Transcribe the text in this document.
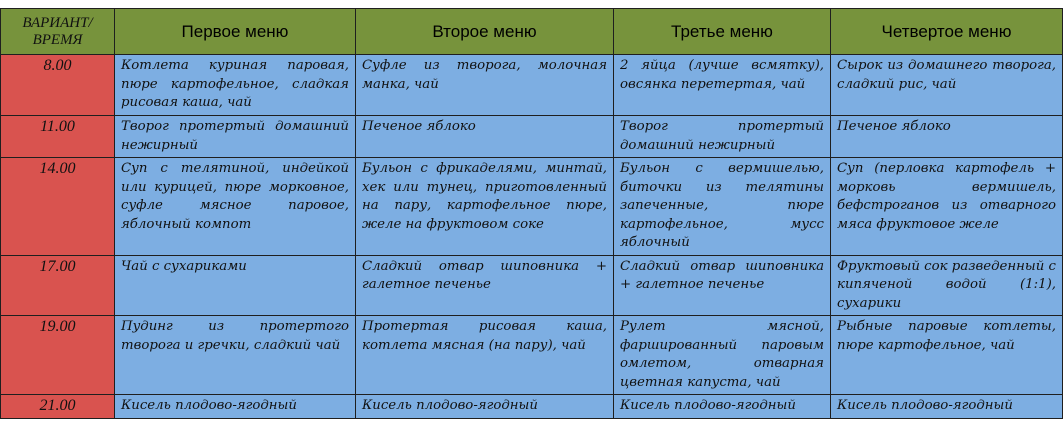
ВАРИАНТ/ ВРЕМЯ	Первое меню	Второе меню	Третье меню	Четвертое меню
8.00	Котлета куриная паровая, пюре картофельное, сладкая рисовая каша, чай	Суфле из творога, молочная манка, чай	2 яйца (лучше всмятку), овсянка перетертая, чай	Сырок из домашнего творога, сладкий рис, чай
11.00	Творог протертый домашний нежирный	Печеное яблоко	Творог протертый домашний нежирный	Печеное яблоко
14.00	Суп с телятиной, индейкой или курицей, пюре морковное, суфле мясное паровое, яблочный компот	Бульон с фрикаделями, минтай, хек или тунец, приготовленный на пару, картофельное пюре, желе на фруктовом соке	Бульон с вермишелью, биточки из телятины запеченные, пюре картофельное, мусс яблочный	Суп (перловка картофель + морковь вермишель, бефстроганов из отварного мяса фруктовое желе
17.00	Чай с сухариками	Сладкий отвар шиповника + галетное печенье	Сладкий отвар шиповника + галетное печенье	Фруктовый сок разведенный с кипяченой водой (1:1), сухарики
19.00	Пудинг из протертого творога и гречки, сладкий чай	Протертая рисовая каша, котлета мясная (на пару), чай	Рулет мясной, фаршированный паровым омлетом, отварная цветная капуста, чай	Рыбные паровые котлеты, пюре картофельное, чай
21.00	Кисель плодово-ягодный	Кисель плодово-ягодный	Кисель плодово-ягодный	Кисель плодово-ягодный
